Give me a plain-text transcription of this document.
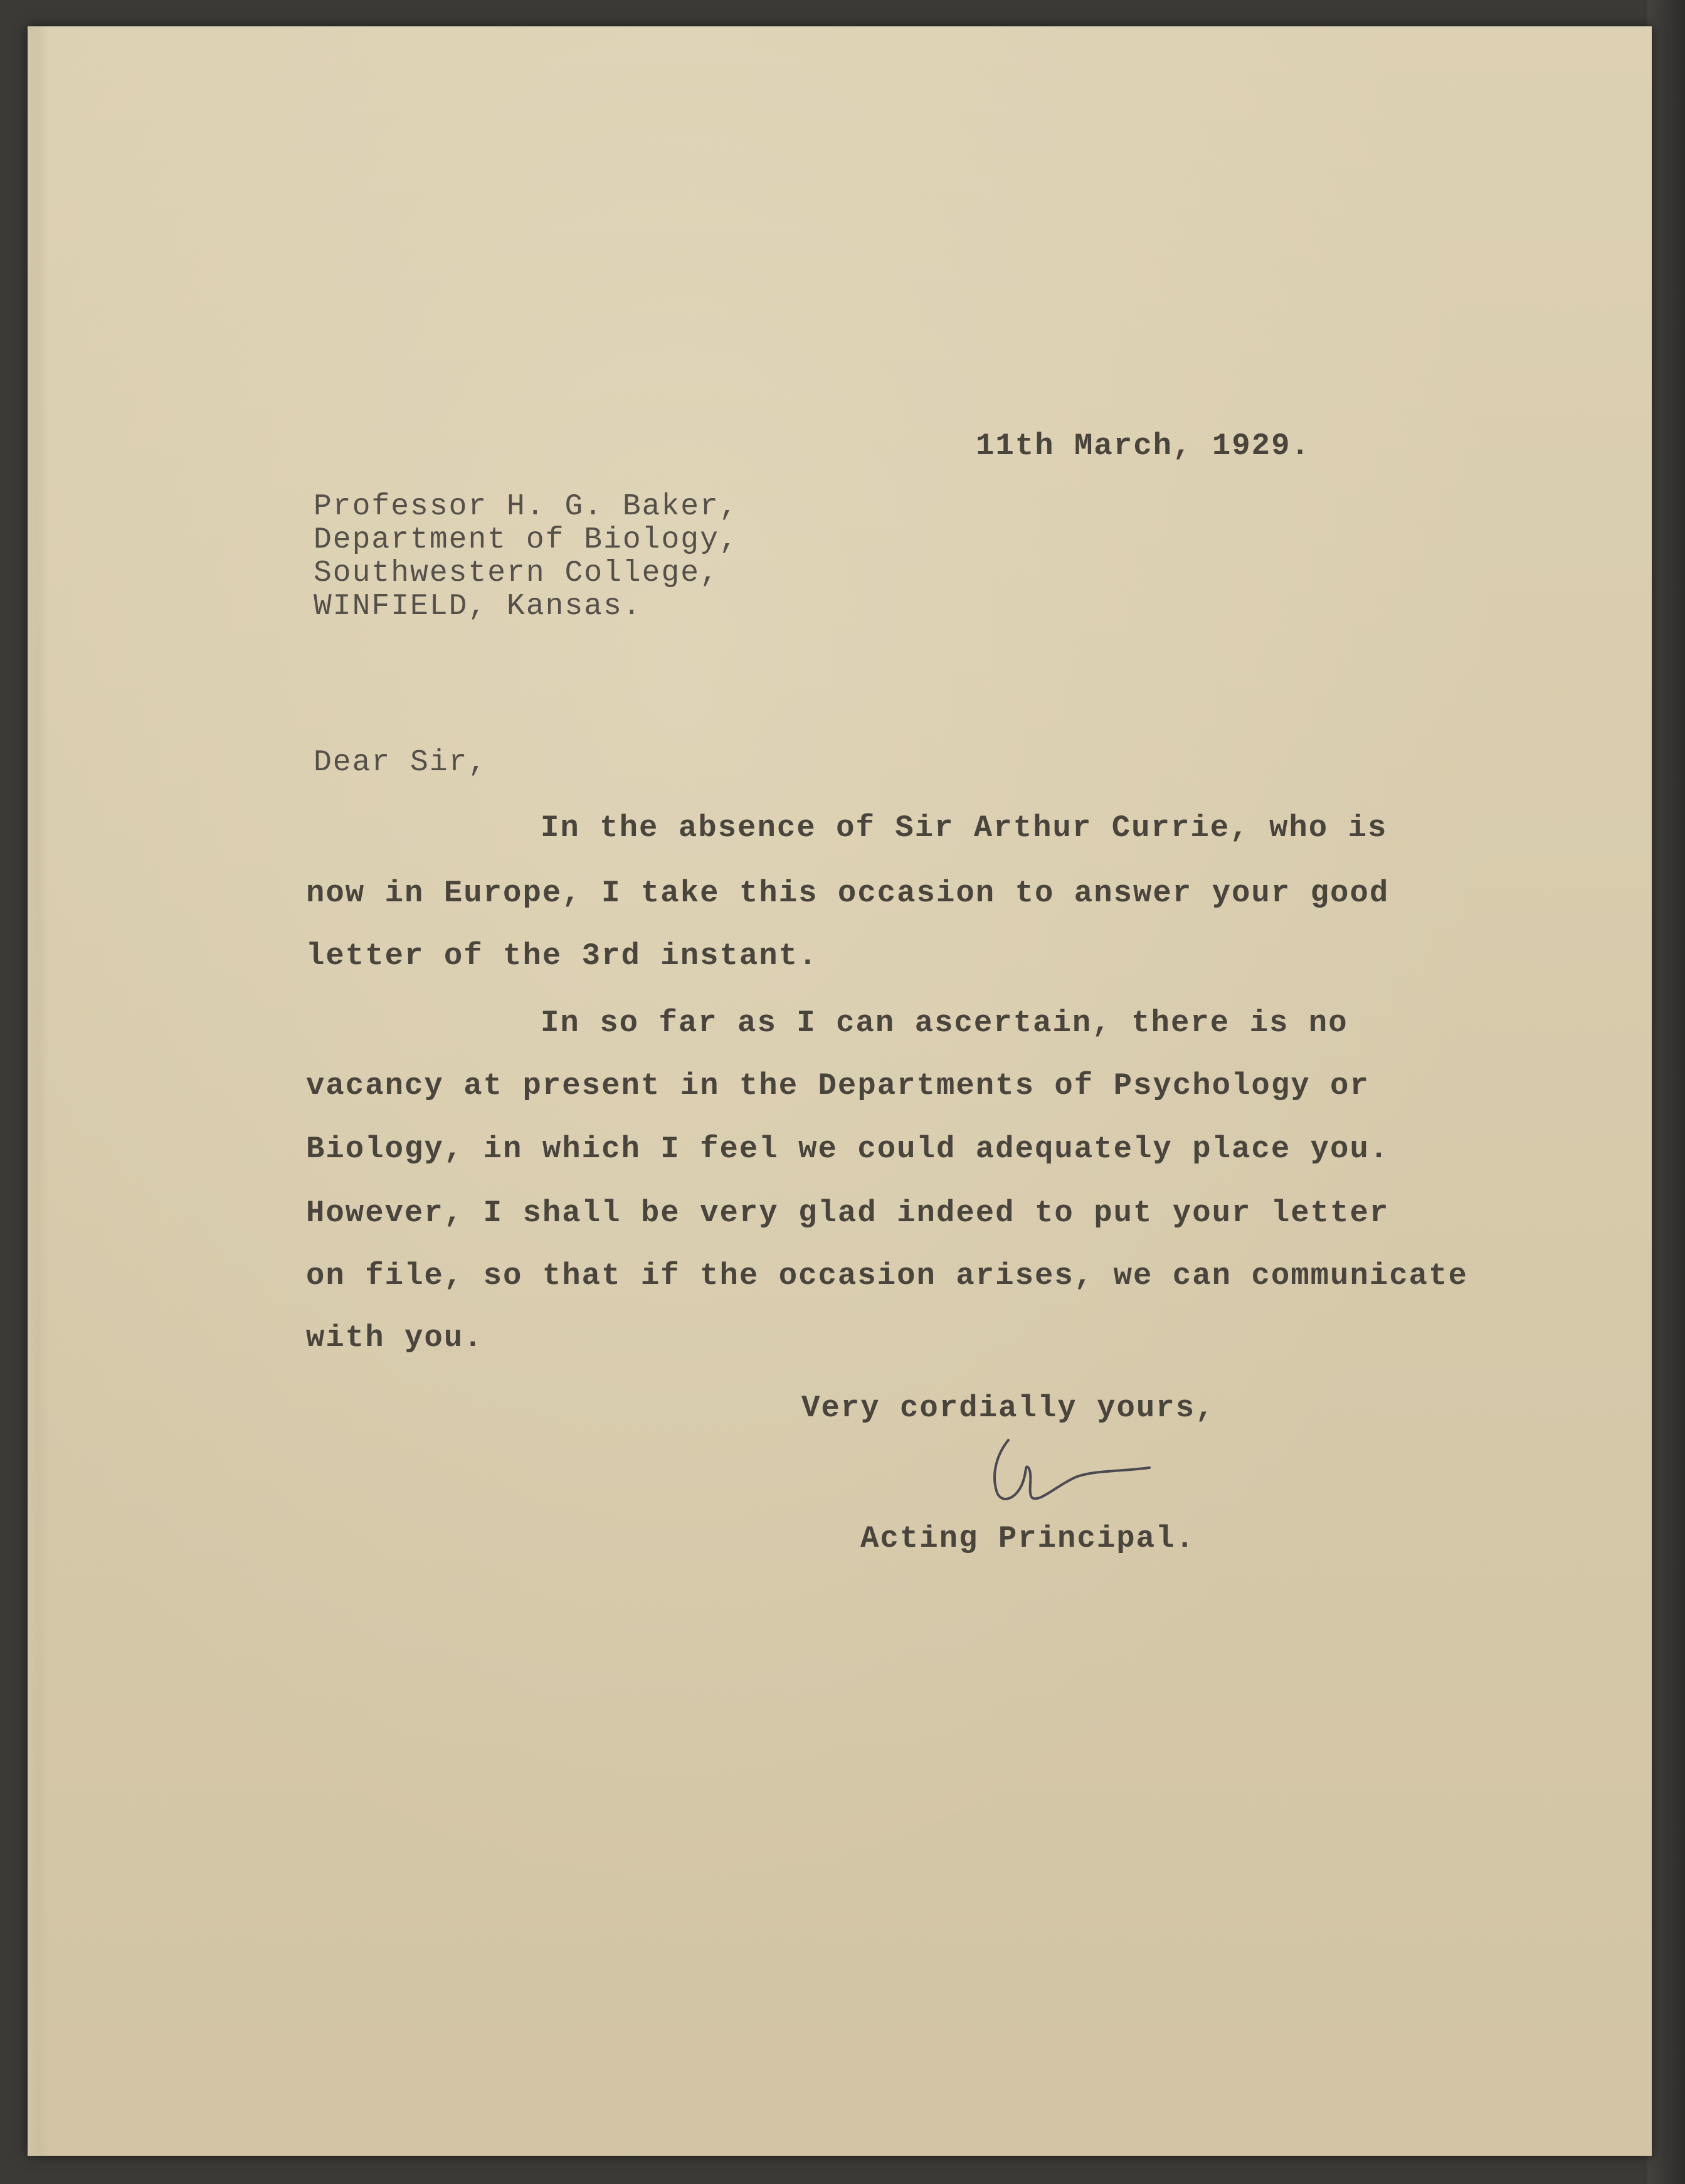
11th March, 1929.
Professor H. G. Baker,
Department of Biology,
Southwestern College,
WINFIELD, Kansas.
Dear Sir,
In the absence of Sir Arthur Currie, who is
now in Europe, I take this occasion to answer your good
letter of the 3rd instant.
In so far as I can ascertain, there is no
vacancy at present in the Departments of Psychology or
Biology, in which I feel we could adequately place you.
However, I shall be very glad indeed to put your letter
on file, so that if the occasion arises, we can communicate
with you.
Very cordially yours,
Acting Principal.
